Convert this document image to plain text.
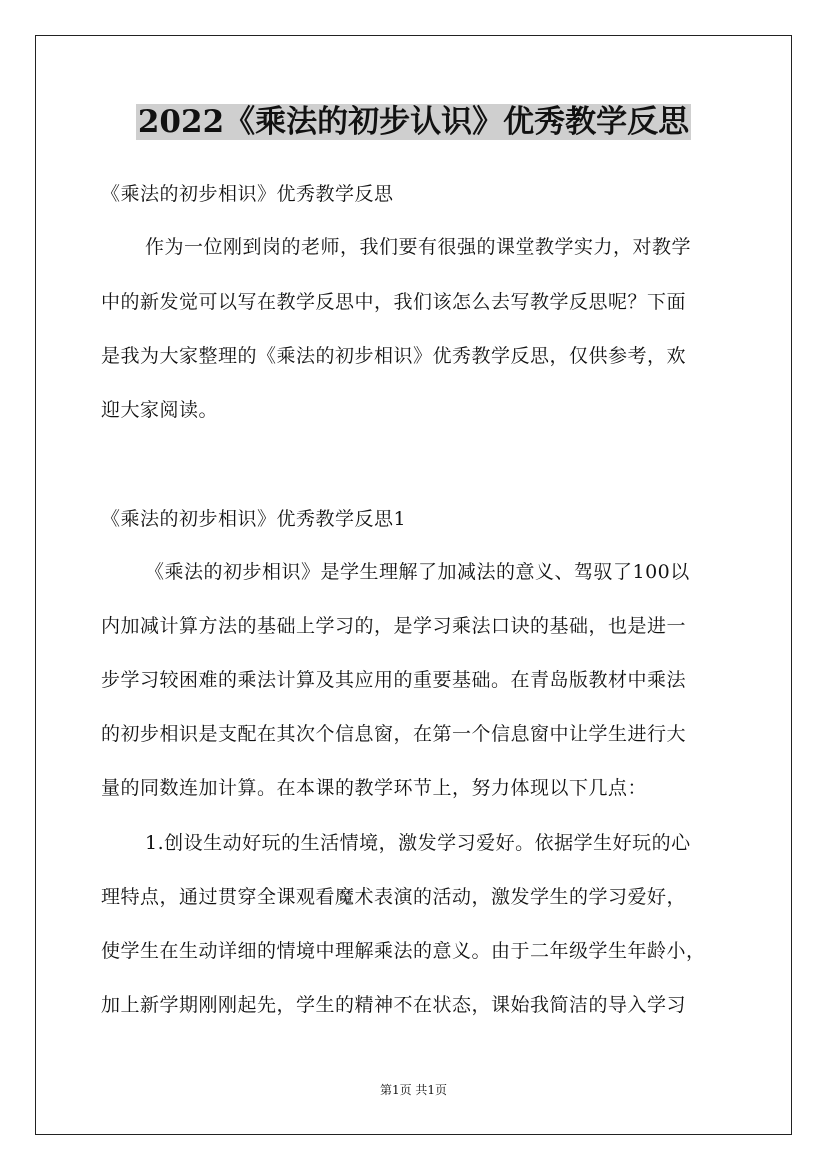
2022《乘法的初步认识》优秀教学反思
《乘法的初步相识》优秀教学反思
作为一位刚到岗的老师，我们要有很强的课堂教学实力，对教学
中的新发觉可以写在教学反思中，我们该怎么去写教学反思呢？下面
是我为大家整理的《乘法的初步相识》优秀教学反思，仅供参考，欢
迎大家阅读。
《乘法的初步相识》优秀教学反思1
《乘法的初步相识》是学生理解了加减法的意义、驾驭了100以
内加减计算方法的基础上学习的，是学习乘法口诀的基础，也是进一
步学习较困难的乘法计算及其应用的重要基础。在青岛版教材中乘法
的初步相识是支配在其次个信息窗，在第一个信息窗中让学生进行大
量的同数连加计算。在本课的教学环节上，努力体现以下几点：
1.创设生动好玩的生活情境，激发学习爱好。依据学生好玩的心
理特点，通过贯穿全课观看魔术表演的活动，激发学生的学习爱好，
使学生在生动详细的情境中理解乘法的意义。由于二年级学生年龄小，
加上新学期刚刚起先，学生的精神不在状态，课始我简洁的导入学习
第1页 共1页
